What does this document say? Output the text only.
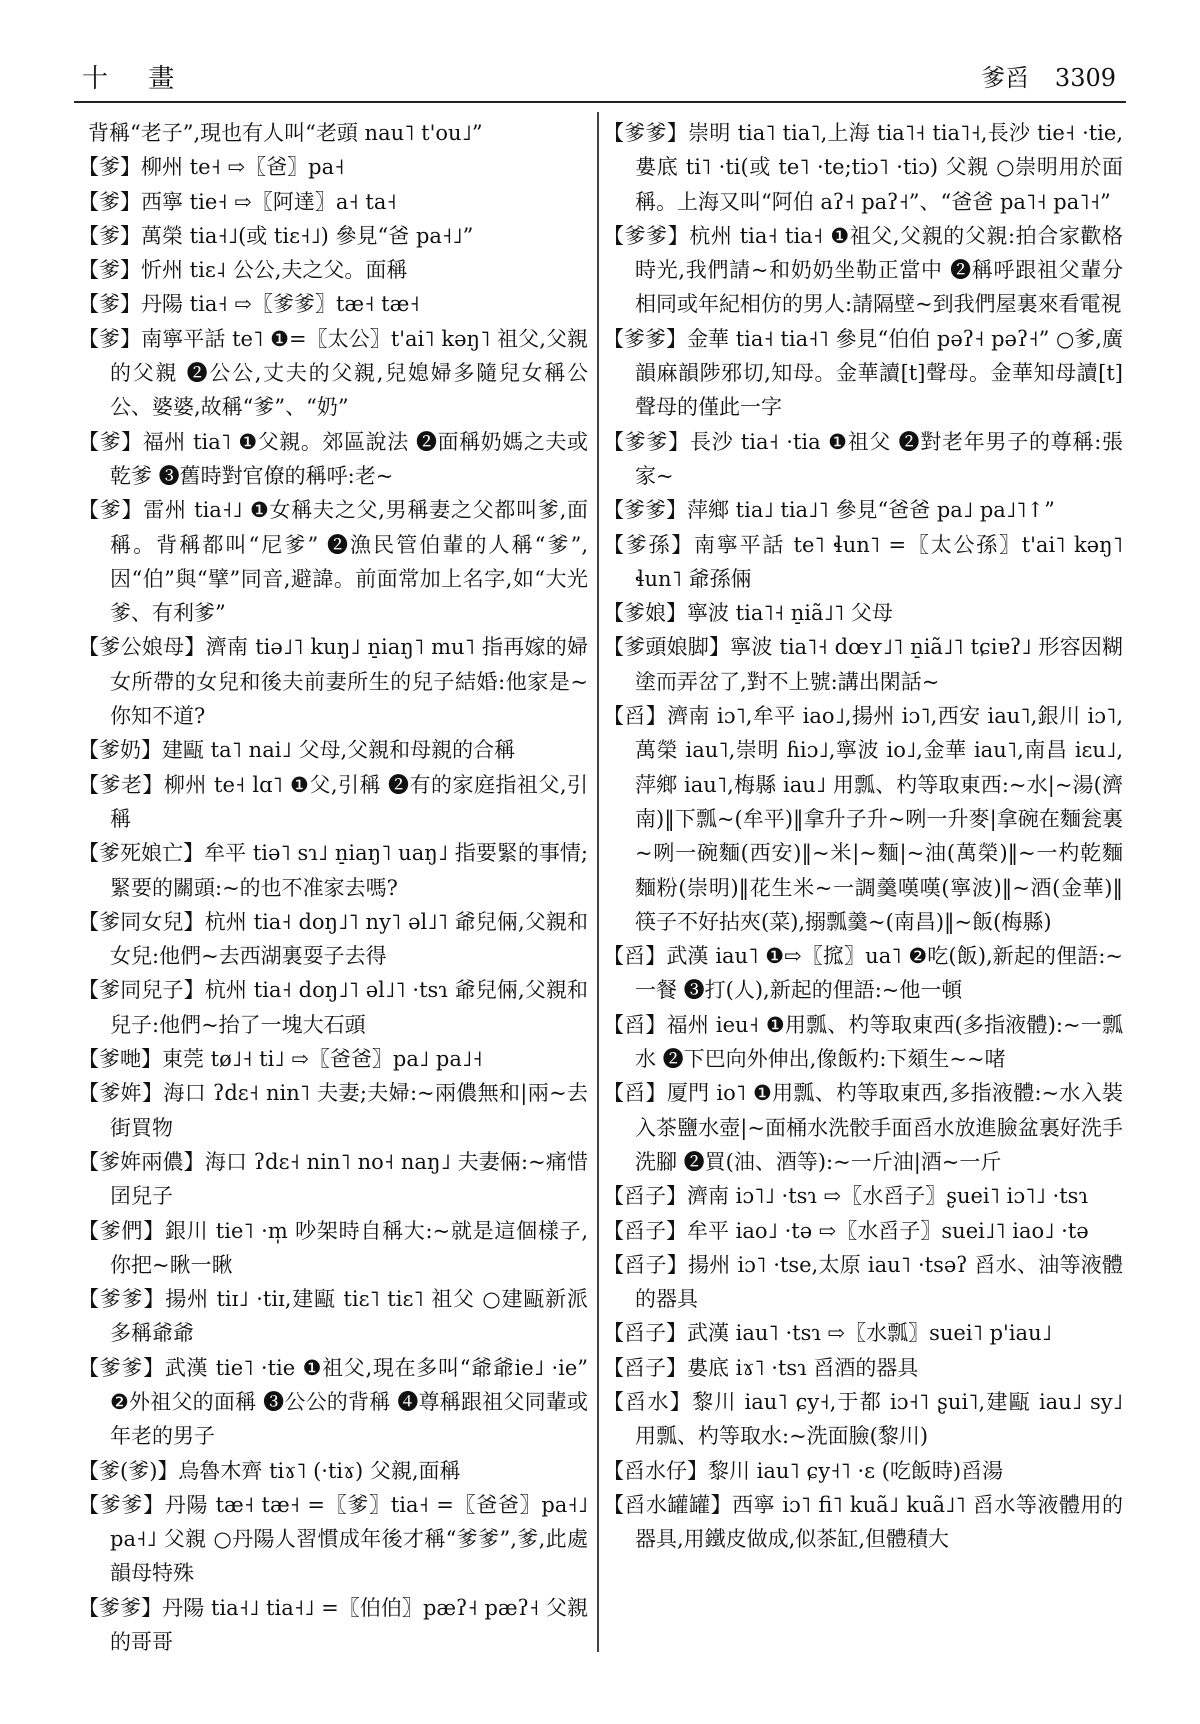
十 畫	爹舀 3309

背稱“老子”,現也有人叫“老頭 nau˥ t'ou˩”

【爹】柳州 te˧ ⇨〖爸〗pa˧

【爹】西寧 tie˧ ⇨〖阿達〗a˧ ta˧

【爹】萬榮 tia˧˩(或 tiɛ˧˩) 參見“爸 pa˧˩”

【爹】忻州 tiɛ˨ 公公,夫之父。面稱

【爹】丹陽 tia˧ ⇨〖爹爹〗tæ˧ tæ˧

【爹】南寧平話 te˥ ❶=〖太公〗t'ai˥ kəŋ˥ 祖父,父親的父親 ❷公公,丈夫的父親,兒媳婦多隨兒女稱公公、婆婆,故稱“爹”、“奶”

【爹】福州 tia˥ ❶父親。郊區說法 ❷面稱奶媽之夫或乾爹 ❸舊時對官僚的稱呼:老~

【爹】雷州 tia˧˩ ❶女稱夫之父,男稱妻之父都叫爹,面稱。背稱都叫“尼爹” ❷漁民管伯輩的人稱“爹”,因“伯”與“擘”同音,避諱。前面常加上名字,如“大光爹、有利爹”

【爹公娘母】濟南 tiə˩˥ kuŋ˩ n̠iaŋ˥ mu˥ 指再嫁的婦女所帶的女兒和後夫前妻所生的兒子結婚:他家是~你知不道?

【爹奶】建甌 ta˥ nai˩ 父母,父親和母親的合稱

【爹老】柳州 te˧ lɑ˥ ❶父,引稱 ❷有的家庭指祖父,引稱

【爹死娘亡】牟平 tiə˥ sɿ˩ n̠iaŋ˥ uaŋ˩ 指要緊的事情;緊要的關頭:~的也不准家去嗎?

【爹同女兒】杭州 tia˧ doŋ˩˥ ny˥ əl˩˥ 爺兒倆,父親和女兒:他們~去西湖裏耍子去得

【爹同兒子】杭州 tia˧ doŋ˩˥ əl˩˥ ·tsɿ 爺兒倆,父親和兒子:他們~抬了一塊大石頭

【爹哋】東莞 tø˩˧ ti˩ ⇨〖爸爸〗pa˩ pa˩˧

【爹姩】海口 ʔdɛ˧ nin˥ 夫妻;夫婦:~兩儂無和|兩~去街買物

【爹姩兩儂】海口 ʔdɛ˧ nin˥ no˧ naŋ˩ 夫妻倆:~痛惜囝兒子

【爹們】銀川 tie˥ ·m̩ 吵架時自稱大:~就是這個樣子,你把~瞅一瞅

【爹爹】揚州 tiɪ˩ ·tiɪ,建甌 tiɛ˥ tiɛ˥ 祖父 ○建甌新派多稱爺爺

【爹爹】武漢 tie˥ ·tie ❶祖父,現在多叫“爺爺ie˩ ·ie” ❷外祖父的面稱 ❸公公的背稱 ❹尊稱跟祖父同輩或年老的男子

【爹(爹)】烏魯木齊 tiɤ˥ (·tiɤ) 父親,面稱

【爹爹】丹陽 tæ˧ tæ˧ =〖爹〗tia˧ =〖爸爸〗pa˧˩ pa˧˩ 父親 ○丹陽人習慣成年後才稱“爹爹”,爹,此處韻母特殊

【爹爹】丹陽 tia˧˩ tia˧˩ =〖伯伯〗pæʔ˧ pæʔ˧ 父親的哥哥

【爹爹】崇明 tia˥ tia˥,上海 tia˥˧ tia˥˧,長沙 tie˧ ·tie,婁底 ti˥ ·ti(或 te˥ ·te;tiɔ˥ ·tiɔ) 父親 ○崇明用於面稱。上海又叫“阿伯 aʔ˧ paʔ˧”、“爸爸 pa˥˧ pa˥˧”

【爹爹】杭州 tia˧ tia˧ ❶祖父,父親的父親:拍合家歡格時光,我們請~和奶奶坐勒正當中 ❷稱呼跟祖父輩分相同或年紀相仿的男人:請隔壁~到我們屋裏來看電視

【爹爹】金華 tia˧ tia˧˥ 參見“伯伯 pəʔ˧ pəʔ˧” ○爹,廣韻麻韻陟邪切,知母。金華讀[t]聲母。金華知母讀[t]聲母的僅此一字

【爹爹】長沙 tia˧ ·tia ❶祖父 ❷對老年男子的尊稱:張家~

【爹爹】萍鄉 tia˩ tia˩˥ 參見“爸爸 pa˩ pa˩˥↑”

【爹孫】南寧平話 te˥ ɬun˥ =〖太公孫〗t'ai˥ kəŋ˥ ɬun˥ 爺孫倆

【爹娘】寧波 tia˥˧ n̠iã˩˥ 父母

【爹頭娘脚】寧波 tia˥˧ dœʏ˩˥ n̠iã˩˥ tɕiɐʔ˩ 形容因糊塗而弄岔了,對不上號:講出閑話~

【舀】濟南 iɔ˥,牟平 iao˩,揚州 iɔ˥,西安 iau˥,銀川 iɔ˥,萬榮 iau˥,崇明 ɦiɔ˩,寧波 io˩,金華 iau˥,南昌 iɛu˩,萍鄉 iau˥,梅縣 iau˩ 用瓢、杓等取東西:~水|~湯(濟南)‖下瓢~(牟平)‖拿升子升~咧一升麥|拿碗在麵瓮裏~咧一碗麵(西安)‖~米|~麵|~油(萬榮)‖~一杓乾麵麵粉(崇明)‖花生米~一調羹嘆嘆(寧波)‖~酒(金華)‖筷子不好拈夾(菜),搦瓢羹~(南昌)‖~飯(梅縣)

【舀】武漢 iau˥ ❶⇨〖搲〗ua˥ ❷吃(飯),新起的俚語:~一餐 ❸打(人),新起的俚語:~他一頓

【舀】福州 ieu˧ ❶用瓢、杓等取東西(多指液體):~一瓢水 ❷下巴向外伸出,像飯杓:下頦生~~啫

【舀】厦門 io˥ ❶用瓢、杓等取東西,多指液體:~水入裝入茶鹽水壺|~面桶水洗骹手面舀水放進臉盆裏好洗手洗腳 ❷買(油、酒等):~一斤油|酒~一斤

【舀子】濟南 iɔ˥˩ ·tsɿ ⇨〖水舀子〗ʂuei˥ iɔ˥˩ ·tsɿ

【舀子】牟平 iao˩ ·tə ⇨〖水舀子〗suei˩˥ iao˩ ·tə

【舀子】揚州 iɔ˥ ·tse,太原 iau˥ ·tsəʔ 舀水、油等液體的器具

【舀子】武漢 iau˥ ·tsɿ ⇨〖水瓢〗suei˥ p'iau˩

【舀子】婁底 iɤ˥ ·tsɿ 舀酒的器具

【舀水】黎川 iau˥ ɕy˧,于都 iɔ˧˥ ʂui˥,建甌 iau˩ sy˩ 用瓢、杓等取水:~洗面臉(黎川)

【舀水仔】黎川 iau˥ ɕy˧˥ ·ɛ (吃飯時)舀湯

【舀水罐罐】西寧 iɔ˥ fi˥ kuã˩ kuã˩˥ 舀水等液體用的器具,用鐵皮做成,似茶缸,但體積大
